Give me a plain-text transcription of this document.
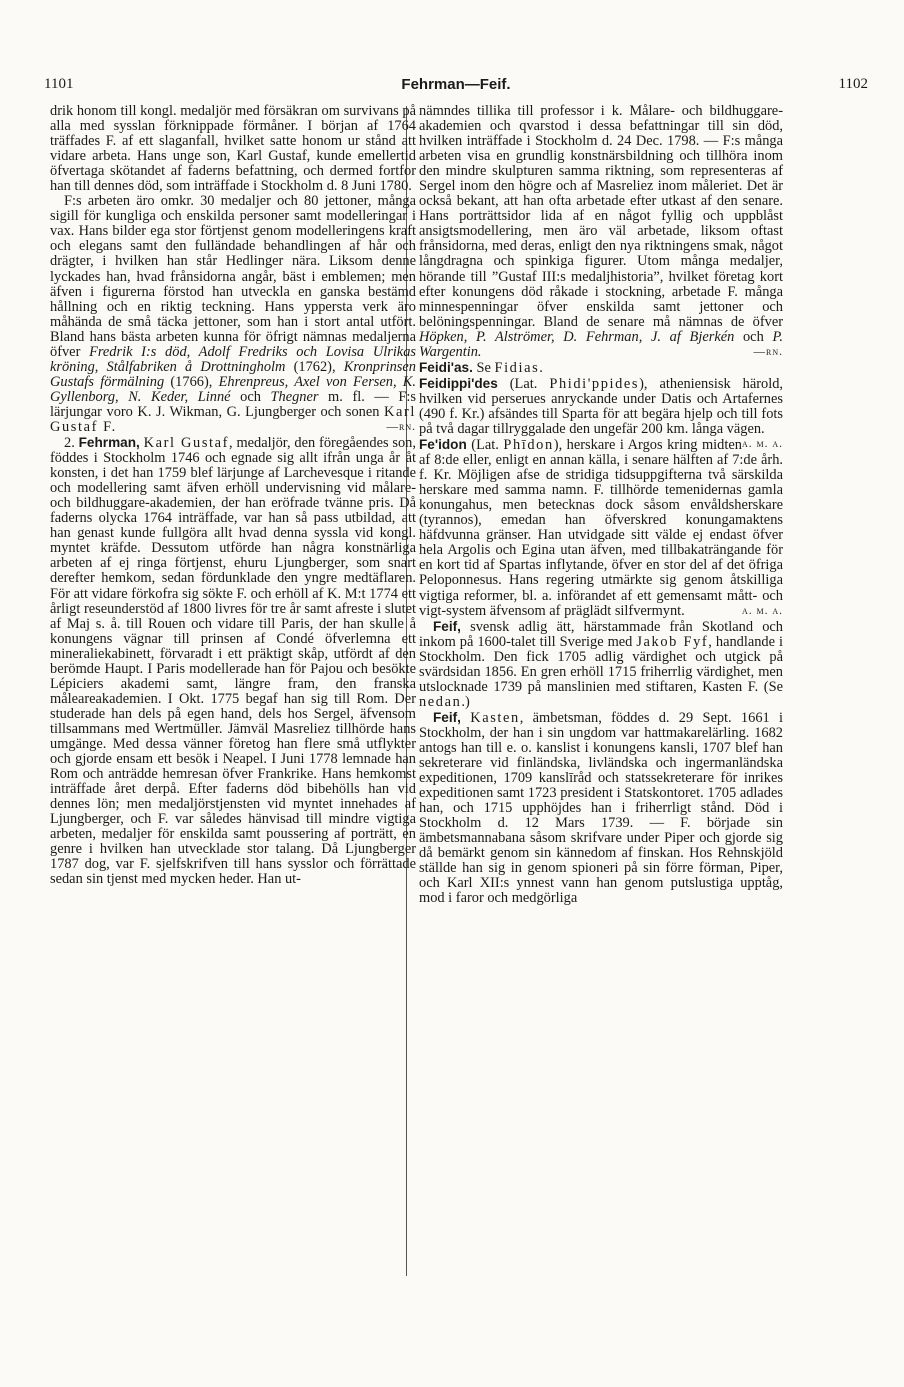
1101	Fehrman—Feif.	1102

drik honom till kongl. medaljör med försäkran om survivans på alla med sysslan förknippade förmåner. I början af 1764 träffades F. af ett slaganfall, hvilket satte honom ur stånd att vidare arbeta. Hans unge son, Karl Gustaf, kunde emellertid öfvertaga skötandet af faderns befattning, och dermed fortfor han till dennes död, som inträffade i Stockholm d. 8 Juni 1780.

F:s arbeten äro omkr. 30 medaljer och 80 jettoner, många sigill för kungliga och enskilda personer samt modelleringar i vax. Hans bilder ega stor förtjenst genom modelleringens kraft och elegans samt den fulländade behandlingen af hår och drägter, i hvilken han står Hedlinger nära. Liksom denne lyckades han, hvad frånsidorna angår, bäst i emblemen; men äfven i figurerna förstod han utveckla en ganska bestämd hållning och en riktig teckning. Hans yppersta verk äro måhända de små täcka jettoner, som han i stort antal utfört. Bland hans bästa arbeten kunna för öfrigt nämnas medaljerna öfver Fredrik I:s död, Adolf Fredriks och Lovisa Ulrikas kröning, Stålfabriken å Drottningholm (1762), Kronprinsen Gustafs förmälning (1766), Ehrenpreus, Axel von Fersen, K. Gyllenborg, N. Keder, Linné och Thegner m. fl. — F:s lärjungar voro K. J. Wikman, G. Ljungberger och sonen Karl Gustaf F.	—rn.

2. Fehrman, Karl Gustaf, medaljör, den föregåendes son, föddes i Stockholm 1746 och egnade sig allt ifrån unga år åt konsten, i det han 1759 blef lärjunge af Larchevesque i ritande och modellering samt äfven erhöll undervisning vid målare- och bildhuggare-akademien, der han eröfrade tvänne pris. Då faderns olycka 1764 inträffade, var han så pass utbildad, att han genast kunde fullgöra allt hvad denna syssla vid kongl. myntet kräfde. Dessutom utförde han några konstnärliga arbeten af ej ringa förtjenst, ehuru Ljungberger, som snart derefter hemkom, sedan fördunklade den yngre medtäflaren. För att vidare förkofra sig sökte F. och erhöll af K. M:t 1774 ett årligt reseunderstöd af 1800 livres för tre år samt afreste i slutet af Maj s. å. till Rouen och vidare till Paris, der han skulle å konungens vägnar till prinsen af Condé öfverlemna ett mineraliekabinett, förvaradt i ett präktigt skåp, utfördt af den berömde Haupt. I Paris modellerade han för Pajou och besökte Lépiciers akademi samt, längre fram, den franska måleareakademien. I Okt. 1775 begaf han sig till Rom. Der studerade han dels på egen hand, dels hos Sergel, äfvensom tillsammans med Wertmüller. Jämväl Masreliez tillhörde hans umgänge. Med dessa vänner företog han flere små utflykter och gjorde ensam ett besök i Neapel. I Juni 1778 lemnade han Rom och anträdde hemresan öfver Frankrike. Hans hemkomst inträffade året derpå. Efter faderns död bibehölls han vid dennes lön; men medaljörstjensten vid myntet innehades af Ljungberger, och F. var således hänvisad till mindre vigtiga arbeten, medaljer för enskilda samt poussering af porträtt, en genre i hvilken han utvecklade stor talang. Då Ljungberger 1787 dog, var F. sjelfskrifven till hans sysslor och förrättade sedan sin tjenst med mycken heder. Han ut-

nämndes tillika till professor i k. Målare- och bildhuggare-akademien och qvarstod i dessa befattningar till sin död, hvilken inträffade i Stockholm d. 24 Dec. 1798. — F:s många arbeten visa en grundlig konstnärsbildning och tillhöra inom den mindre skulpturen samma riktning, som representeras af Sergel inom den högre och af Masreliez inom måleriet. Det är också bekant, att han ofta arbetade efter utkast af den senare. Hans porträttsidor lida af en något fyllig och uppblåst ansigtsmodellering, men äro väl arbetade, liksom oftast frånsidorna, med deras, enligt den nya riktningens smak, något långdragna och spinkiga figurer. Utom många medaljer, hörande till ”Gustaf III:s medaljhistoria”, hvilket företag kort efter konungens död råkade i stockning, arbetade F. många minnespenningar öfver enskilda samt jettoner och belöningspenningar. Bland de senare må nämnas de öfver Höpken, P. Alströmer, D. Fehrman, J. af Bjerkén och P. Wargentin.	—rn.

Feidi'as. Se Fidias.

Feidippi'des (Lat. Phidi'ppides), atheniensisk härold, hvilken vid perserues anryckande under Datis och Artafernes (490 f. Kr.) afsändes till Sparta för att begära hjelp och till fots på två dagar tillryggalade den ungefär 200 km. långa vägen.
a. m. a.

Fe'idon (Lat. Phīdon), herskare i Argos kring midten af 8:de eller, enligt en annan källa, i senare hälften af 7:de årh. f. Kr. Möjligen afse de stridiga tidsuppgifterna två särskilda herskare med samma namn. F. tillhörde temenidernas gamla konungahus, men betecknas dock såsom envåldsherskare (tyrannos), emedan han öfverskred konungamaktens häfdvunna gränser. Han utvidgade sitt välde ej endast öfver hela Argolis och Egina utan äfven, med tillbakaträngande för en kort tid af Spartas inflytande, öfver en stor del af det öfriga Peloponnesus. Hans regering utmärkte sig genom åtskilliga vigtiga reformer, bl. a. införandet af ett gemensamt mått- och vigt-system äfvensom af präglädt silfvermynt.	a. m. a.

Feif, svensk adlig ätt, härstammade från Skotland och inkom på 1600-talet till Sverige med Jakob Fyf, handlande i Stockholm. Den fick 1705 adlig värdighet och utgick på svärdsidan 1856. En gren erhöll 1715 friherrlig värdighet, men utslocknade 1739 på manslinien med stiftaren, Kasten F. (Se nedan.)

Feif, Kasten, ämbetsman, föddes d. 29 Sept. 1661 i Stockholm, der han i sin ungdom var hattmakarelärling. 1682 antogs han till e. o. kanslist i konungens kansli, 1707 blef han sekreterare vid finländska, livländska och ingermanländska expeditionen, 1709 kanslīråd och statssekreterare för inrikes expeditionen samt 1723 president i Statskontoret. 1705 adlades han, och 1715 upphöjdes han i friherrligt stånd. Död i Stockholm d. 12 Mars 1739. — F. började sin ämbetsmannabana såsom skrifvare under Piper och gjorde sig då bemärkt genom sin kännedom af finskan. Hos Rehnskjöld ställde han sig in genom spioneri på sin förre förman, Piper, och Karl XII:s ynnest vann han genom putslustiga upptåg, mod i faror och medgörliga
